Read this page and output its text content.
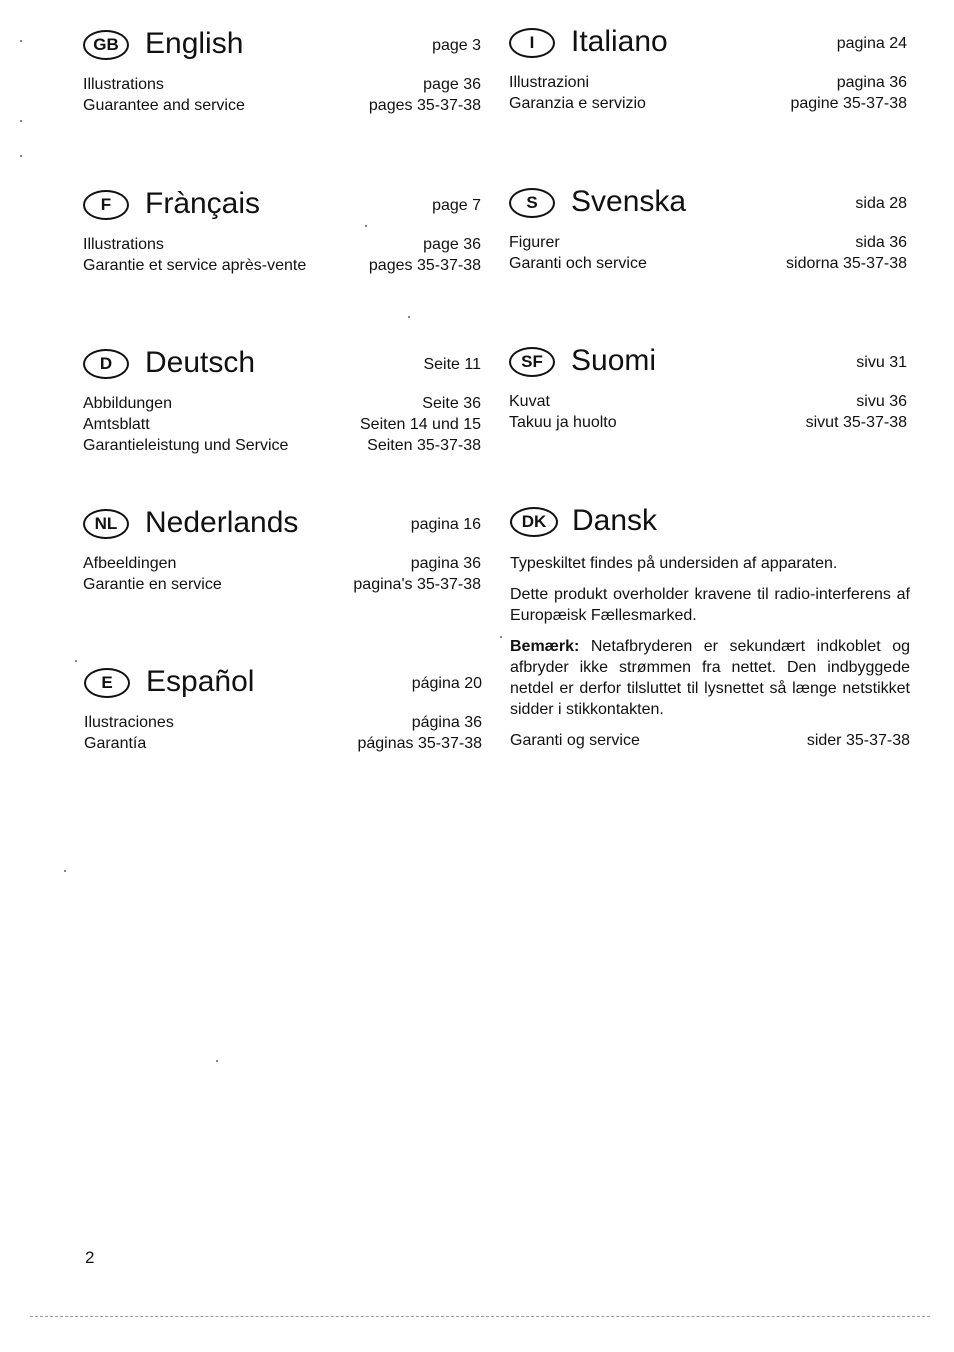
GB English	page 3
Illustrations	page 36
Guarantee and service	pages 35-37-38
F	Frànçais	page 7
Illustrations	page 36
Garantie et service après-vente	pages 35-37-38
D	Deutsch	Seite 11
Abbildungen	Seite 36
Amtsblatt	Seiten 14 und 15
Garantieleistung und Service	Seiten 35-37-38
NL Nederlands	pagina 16
Afbeeldingen	pagina 36
Garantie en service	pagina's 35-37-38
E	Español	página 20
Ilustraciones	página 36
Garantía	páginas 35-37-38
I	Italiano	pagina 24
Illustrazioni	pagina 36
Garanzia e servizio	pagine 35-37-38
S	Svenska	sida 28
Figurer	sida 36
Garanti och service	sidorna 35-37-38
SF Suomi	sivu 31
Kuvat	sivu 36
Takuu ja huolto	sivut 35-37-38
DK Dansk

Typeskiltet findes på undersiden af apparaten.

Dette produkt overholder kravene til radio-interferens af Europæisk Fællesmarked.

Bemærk: Netafbryderen er sekundært indkoblet og afbryder ikke strømmen fra nettet. Den indbyggede netdel er derfor tilsluttet til lysnettet så længe netstikket sidder i stikkontakten.

Garanti og service	sider 35-37-38
2
